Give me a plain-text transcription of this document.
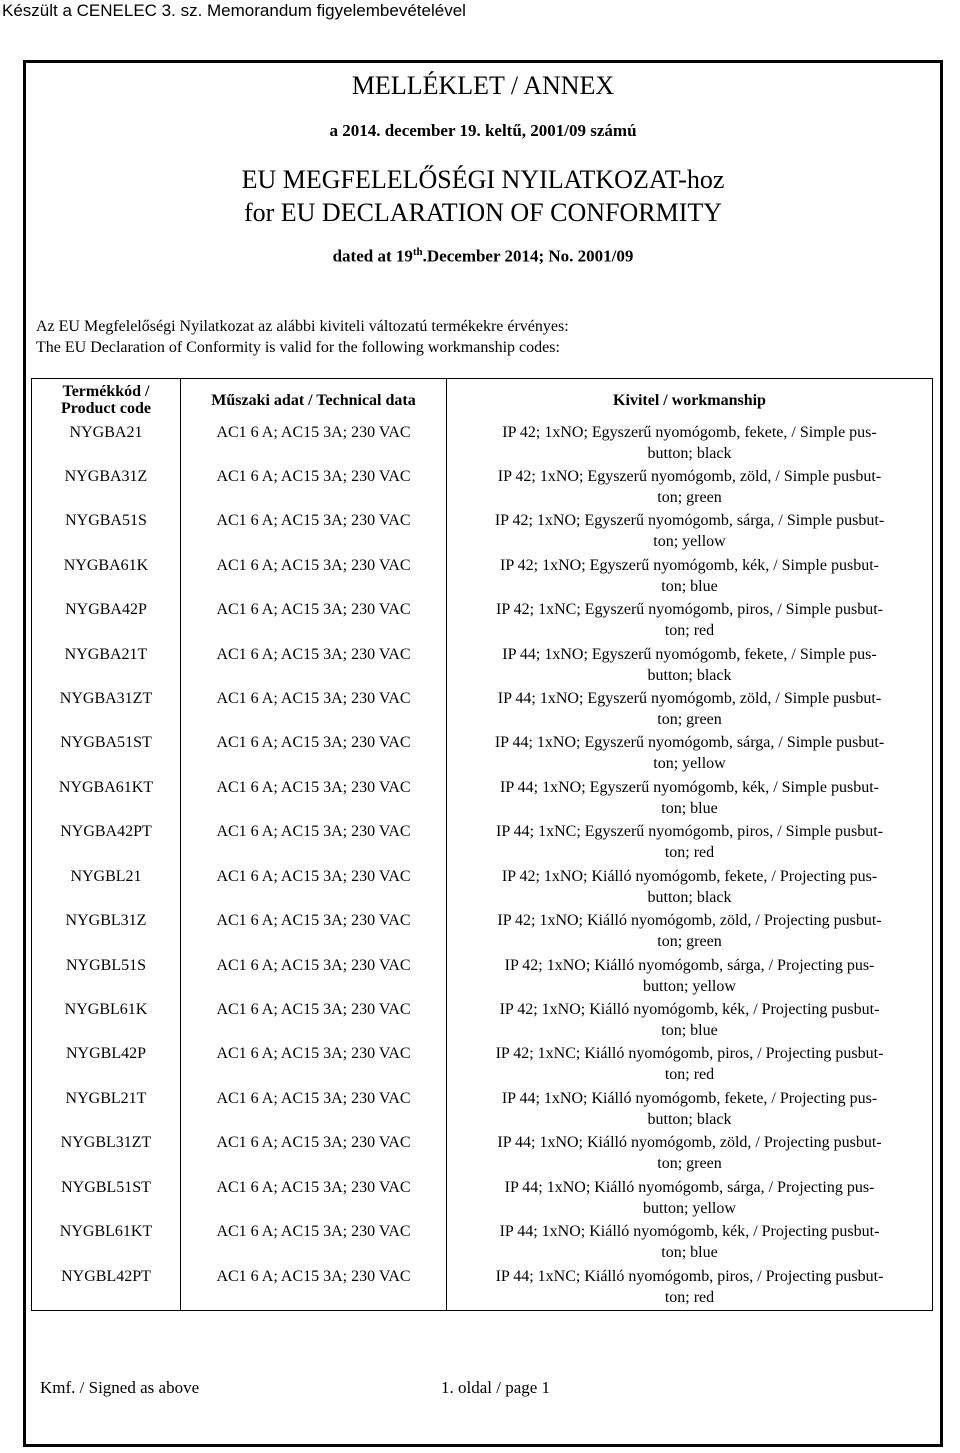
Készült a CENELEC 3. sz. Memorandum figyelembevételével
MELLÉKLET / ANNEX
a 2014. december 19. keltű, 2001/09 számú
EU MEGFELELŐSÉGI NYILATKOZAT-hoz
for EU DECLARATION OF CONFORMITY
dated at 19th.December 2014; No. 2001/09
Az EU Megfelelőségi Nyilatkozat az alábbi kiviteli változatú termékekre érvényes:
The EU Declaration of Conformity is valid for the following workmanship codes:
Termékkód /
Product code	Műszaki adat / Technical data	Kivitel / workmanship
NYGBA21	AC1 6 A; AC15 3A; 230 VAC	IP 42; 1xNO; Egyszerű nyomógomb, fekete, / Simple pus-
button; black

NYGBA31Z	AC1 6 A; AC15 3A; 230 VAC	IP 42; 1xNO; Egyszerű nyomógomb, zöld, / Simple pusbut-
ton; green

NYGBA51S	AC1 6 A; AC15 3A; 230 VAC	IP 42; 1xNO; Egyszerű nyomógomb, sárga, / Simple pusbut-
ton; yellow

NYGBA61K	AC1 6 A; AC15 3A; 230 VAC	IP 42; 1xNO; Egyszerű nyomógomb, kék, / Simple pusbut-
ton; blue

NYGBA42P	AC1 6 A; AC15 3A; 230 VAC	IP 42; 1xNC; Egyszerű nyomógomb, piros, / Simple pusbut-
ton; red

NYGBA21T	AC1 6 A; AC15 3A; 230 VAC	IP 44; 1xNO; Egyszerű nyomógomb, fekete, / Simple pus-
button; black

NYGBA31ZT	AC1 6 A; AC15 3A; 230 VAC	IP 44; 1xNO; Egyszerű nyomógomb, zöld, / Simple pusbut-
ton; green

NYGBA51ST	AC1 6 A; AC15 3A; 230 VAC	IP 44; 1xNO; Egyszerű nyomógomb, sárga, / Simple pusbut-
ton; yellow

NYGBA61KT	AC1 6 A; AC15 3A; 230 VAC	IP 44; 1xNO; Egyszerű nyomógomb, kék, / Simple pusbut-
ton; blue

NYGBA42PT	AC1 6 A; AC15 3A; 230 VAC	IP 44; 1xNC; Egyszerű nyomógomb, piros, / Simple pusbut-
ton; red

NYGBL21	AC1 6 A; AC15 3A; 230 VAC	IP 42; 1xNO; Kiálló nyomógomb, fekete, / Projecting pus-
button; black

NYGBL31Z	AC1 6 A; AC15 3A; 230 VAC	IP 42; 1xNO; Kiálló nyomógomb, zöld, / Projecting pusbut-
ton; green

NYGBL51S	AC1 6 A; AC15 3A; 230 VAC	IP 42; 1xNO; Kiálló nyomógomb, sárga, / Projecting pus-
button; yellow

NYGBL61K	AC1 6 A; AC15 3A; 230 VAC	IP 42; 1xNO; Kiálló nyomógomb, kék, / Projecting pusbut-
ton; blue

NYGBL42P	AC1 6 A; AC15 3A; 230 VAC	IP 42; 1xNC; Kiálló nyomógomb, piros, / Projecting pusbut-
ton; red

NYGBL21T	AC1 6 A; AC15 3A; 230 VAC	IP 44; 1xNO; Kiálló nyomógomb, fekete, / Projecting pus-
button; black

NYGBL31ZT	AC1 6 A; AC15 3A; 230 VAC	IP 44; 1xNO; Kiálló nyomógomb, zöld, / Projecting pusbut-
ton; green

NYGBL51ST	AC1 6 A; AC15 3A; 230 VAC	IP 44; 1xNO; Kiálló nyomógomb, sárga, / Projecting pus-
button; yellow

NYGBL61KT	AC1 6 A; AC15 3A; 230 VAC	IP 44; 1xNO; Kiálló nyomógomb, kék, / Projecting pusbut-
ton; blue

NYGBL42PT	AC1 6 A; AC15 3A; 230 VAC	IP 44; 1xNC; Kiálló nyomógomb, piros, / Projecting pusbut-
ton; red
Kmf. / Signed as above	1. oldal / page 1
